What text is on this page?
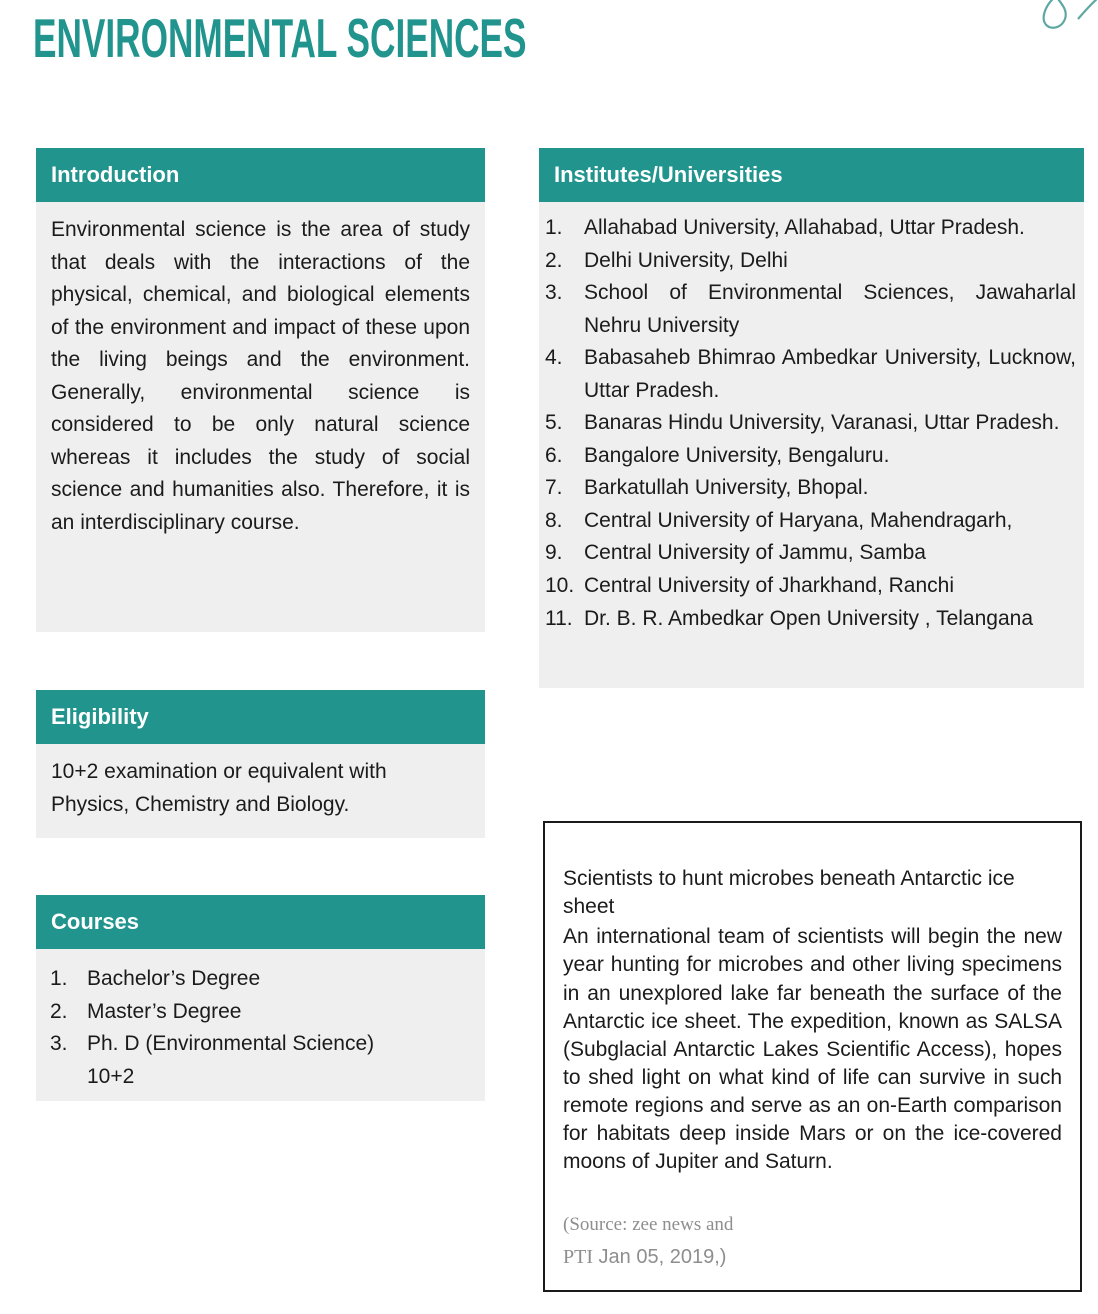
ENVIRONMENTAL SCIENCES
Introduction
Environmental science is the area of study that deals with the interactions of the physical, chemical, and biological elements of the environment and impact of these upon the living beings and the environment. Generally, environmental science is considered to be only natural science whereas it includes the study of social science and humanities also. Therefore, it is an interdisciplinary course.
Eligibility
10+2 examination or equivalent with Physics, Chemistry and Biology.
Courses
1. Bachelor’s Degree
2. Master’s Degree
3. Ph. D (Environmental Science)
10+2
Institutes/Universities
1.	Allahabad University, Allahabad, Uttar Pradesh.
2.	Delhi University, Delhi
3.	School of Environmental Sciences, Jawaharlal Nehru University
4.	Babasaheb Bhimrao Ambedkar University, Lucknow, Uttar Pradesh.
5.	Banaras Hindu University, Varanasi, Uttar Pradesh.
6.	Bangalore University, Bengaluru.
7.	Barkatullah University, Bhopal.
8.	Central University of Haryana, Mahendragarh,
9.	Central University of Jammu, Samba
10. Central University of Jharkhand, Ranchi
11. Dr. B. R. Ambedkar Open University , Telangana
Scientists to hunt microbes beneath Antarctic ice sheet
An international team of scientists will begin the new year hunting for microbes and other living specimens in an unexplored lake far beneath the surface of the Antarctic ice sheet. The expedition, known as SALSA (Subglacial Antarctic Lakes Scientific Access), hopes to shed light on what kind of life can survive in such remote regions and serve as an on-Earth comparison for habitats deep inside Mars or on the ice-covered moons of Jupiter and Saturn.
(Source: zee news and
PTI Jan 05, 2019,)
